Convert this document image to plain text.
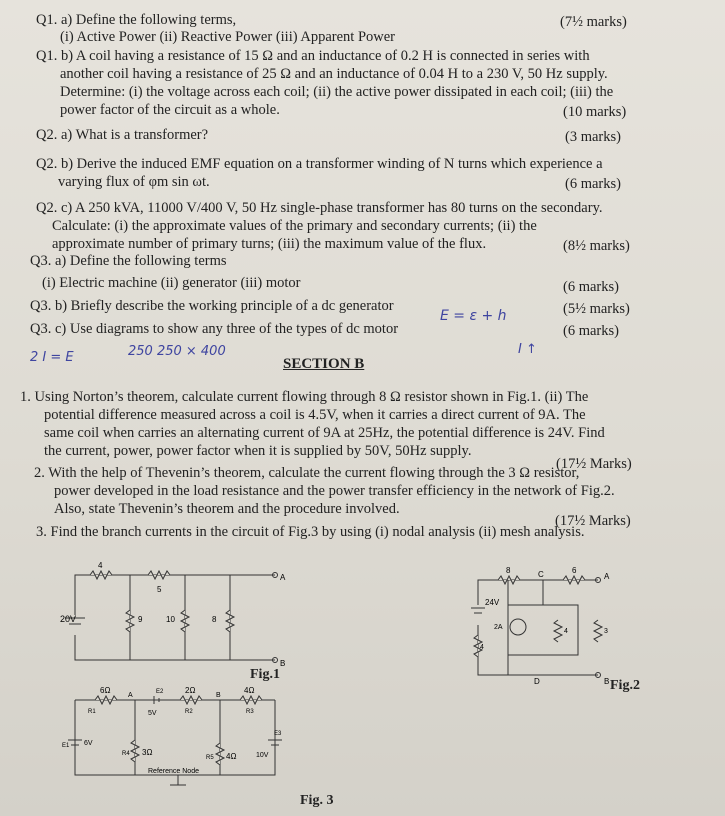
Q1. a) Define the following terms,	(7½ marks)
(i) Active Power (ii) Reactive Power (iii) Apparent Power
Q1. b) A coil having a resistance of 15 Ω and an inductance of 0.2 H is connected in series with
another coil having a resistance of 25 Ω and an inductance of 0.04 H to a 230 V, 50 Hz supply.
Determine: (i) the voltage across each coil; (ii) the active power dissipated in each coil; (iii) the
power factor of the circuit as a whole.	(10 marks)
Q2. a) What is a transformer?	(3 marks)
Q2. b) Derive the induced EMF equation on a transformer winding of N turns which experience a
varying flux of φm sin ωt.	(6 marks)
Q2. c) A 250 kVA, 11000 V/400 V, 50 Hz single-phase transformer has 80 turns on the secondary.
Calculate: (i) the approximate values of the primary and secondary currents; (ii) the
approximate number of primary turns; (iii) the maximum value of the flux.	(8½ marks)
Q3. a) Define the following terms
(i) Electric machine (ii) generator (iii) motor	(6 marks)
Q3. b) Briefly describe the working principle of a dc generator	(5½ marks)
Q3. c) Use diagrams to show any three of the types of dc motor	(6 marks)
E = ε + h
2 I = E	250 250 × 400	I ↑
SECTION B
1. Using Norton’s theorem, calculate current flowing through 8 Ω resistor shown in Fig.1. (ii) The
potential difference measured across a coil is 4.5V, when it carries a direct current of 9A. The
same coil when carries an alternating current of 9A at 25Hz, the potential difference is 24V. Find
the current, power, power factor when it is supplied by 50V, 50Hz supply.
(17½ Marks)
2. With the help of Thevenin’s theorem, calculate the current flowing through the 3 Ω resistor,
power developed in the load resistance and the power transfer efficiency in the network of Fig.2.
Also, state Thevenin’s theorem and the procedure involved.
(17½ Marks)
3. Find the branch currents in the circuit of Fig.3 by using (i) nodal analysis (ii) mesh analysis.
20V
4
5
9	10	8
A
B
Fig.1
24V
2A
8	6
4
4	3
C
D
A
B Fig.2
6Ω
R1
2Ω
R2
4Ω
R3
3Ω
R4	4Ω
R5
6V
E1
5V
E2
10V
E3
A	B
Reference Node
Fig. 3
